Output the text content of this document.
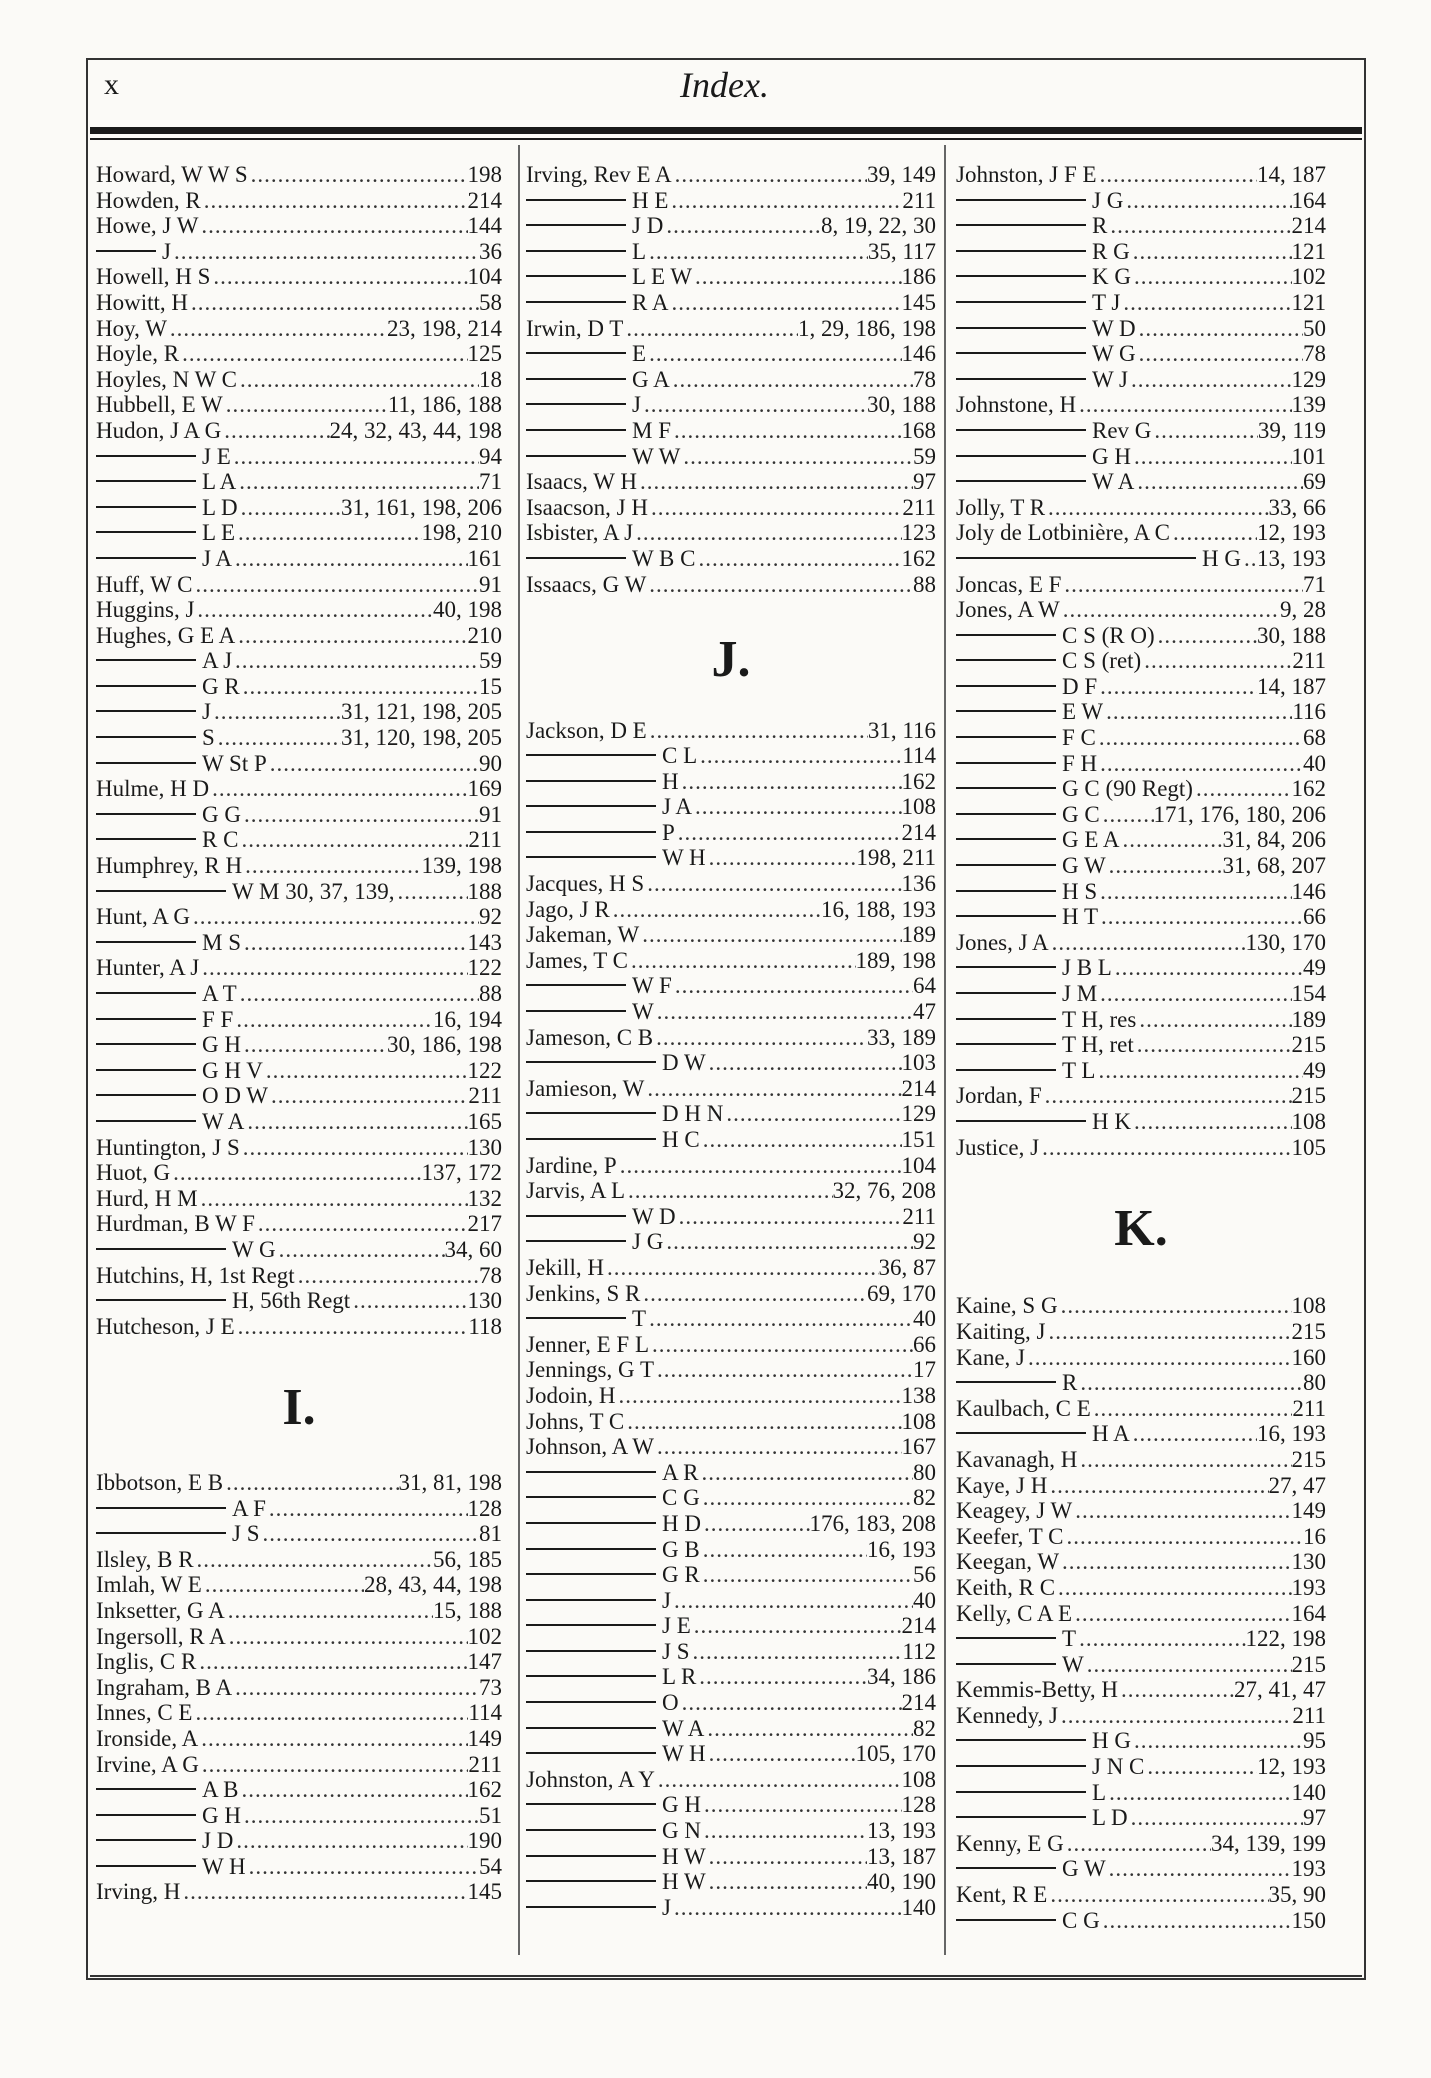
x	Index.
Howard, W W S .....	198
Howden, R .....	214
Howe, J W .....	144
J .....	36
Howell, H S .....	104
Howitt, H .....	58
Hoy, W .....	23, 198, 214
Hoyle, R .....	125
Hoyles, N W C .....	18
Hubbell, E W .....	11, 186, 188
Hudon, J A G .....	24, 32, 43, 44, 198
J E .....	94
L A .....	71
L D .....	31, 161, 198, 206
L E .....	198, 210
J A .....	161
Huff, W C .....	91
Huggins, J .....	40, 198
Hughes, G E A .....	210
A J .....	59
G R .....	15
J .....	31, 121, 198, 205
S .....	31, 120, 198, 205
W St P .....	90
Hulme, H D .....	169
G G .....	91
R C .....	211
Humphrey, R H .....	139, 198
W M 30, 37, 139, .....	188
Hunt, A G .....	92
M S .....	143
Hunter, A J .....	122
A T .....	88
F F .....	16, 194
G H .....	30, 186, 198
G H V .....	122
O D W .....	211
W A .....	165
Huntington, J S .....	130
Huot, G .....	137, 172
Hurd, H M .....	132
Hurdman, B W F .....	217
W G .....	34, 60
Hutchins, H, 1st Regt .....	78
H, 56th Regt .....	130
Hutcheson, J E .....	118
I.
Ibbotson, E B .....	31, 81, 198
A F .....	128
J S .....	81
Ilsley, B R .....	56, 185
Imlah, W E .....	28, 43, 44, 198
Inksetter, G A .....	15, 188
Ingersoll, R A .....	102
Inglis, C R .....	147
Ingraham, B A .....	73
Innes, C E .....	114
Ironside, A .....	149
Irvine, A G .....	211
A B .....	162
G H .....	51
J D .....	190
W H .....	54
Irving, H .....	145
Irving, Rev E A .....	39, 149
H E .....	211
J D .....	8, 19, 22, 30
L .....	35, 117
L E W .....	186
R A .....	145
Irwin, D T .....	1, 29, 186, 198
E .....	146
G A .....	78
J .....	30, 188
M F .....	168
W W .....	59
Isaacs, W H .....	97
Isaacson, J H .....	211
Isbister, A J .....	123
W B C .....	162
Issaacs, G W .....	88
J.
Jackson, D E .....	31, 116
C L .....	114
H .....	162
J A .....	108
P .....	214
W H .....	198, 211
Jacques, H S .....	136
Jago, J R .....	16, 188, 193
Jakeman, W .....	189
James, T C .....	189, 198
W F .....	64
W .....	47
Jameson, C B .....	33, 189
D W .....	103
Jamieson, W .....	214
D H N .....	129
H C .....	151
Jardine, P .....	104
Jarvis, A L .....	32, 76, 208
W D .....	211
J G .....	92
Jekill, H .....	36, 87
Jenkins, S R .....	69, 170
T .....	40
Jenner, E F L .....	66
Jennings, G T .....	17
Jodoin, H .....	138
Johns, T C .....	108
Johnson, A W .....	167
A R .....	80
C G .....	82
H D .....	176, 183, 208
G B .....	16, 193
G R .....	56
J .....	40
J E .....	214
J S .....	112
L R .....	34, 186
O .....	214
W A .....	82
W H .....	105, 170
Johnston, A Y .....	108
G H .....	128
G N .....	13, 193
H W .....	13, 187
H W .....	40, 190
J .....	140
Johnston, J F E .....	14, 187
J G .....	164
R .....	214
R G .....	121
K G .....	102
T J .....	121
W D .....	50
W G .....	78
W J .....	129
Johnstone, H .....	139
Rev G .....	39, 119
G H .....	101
W A .....	69
Jolly, T R .....	33, 66
Joly de Lotbinière, A C .....	12, 193
H G ..... 13, 193
Joncas, E F .....	71
Jones, A W .....	9, 28
C S (R O) .....	30, 188
C S (ret) .....	211
D F .....	14, 187
E W .....	116
F C .....	68
F H .....	40
G C (90 Regt) .....	162
G C ..... 171, 176, 180, 206
G E A .....	31, 84, 206
G W .....	31, 68, 207
H S .....	146
H T .....	66
Jones, J A .....	130, 170
J B L .....	49
J M .....	154
T H, res .....	189
T H, ret .....	215
T L .....	49
Jordan, F .....	215
H K .....	108
Justice, J .....	105
K.
Kaine, S G .....	108
Kaiting, J .....	215
Kane, J .....	160
R .....	80
Kaulbach, C E .....	211
H A .....	16, 193
Kavanagh, H .....	215
Kaye, J H .....	27, 47
Keagey, J W .....	149
Keefer, T C .....	16
Keegan, W .....	130
Keith, R C .....	193
Kelly, C A E .....	164
T .....	122, 198
W .....	215
Kemmis-Betty, H .....	27, 41, 47
Kennedy, J .....	211
H G .....	95
J N C .....	12, 193
L .....	140
L D .....	97
Kenny, E G .....	34, 139, 199
G W .....	193
Kent, R E .....	35, 90
C G .....	150
